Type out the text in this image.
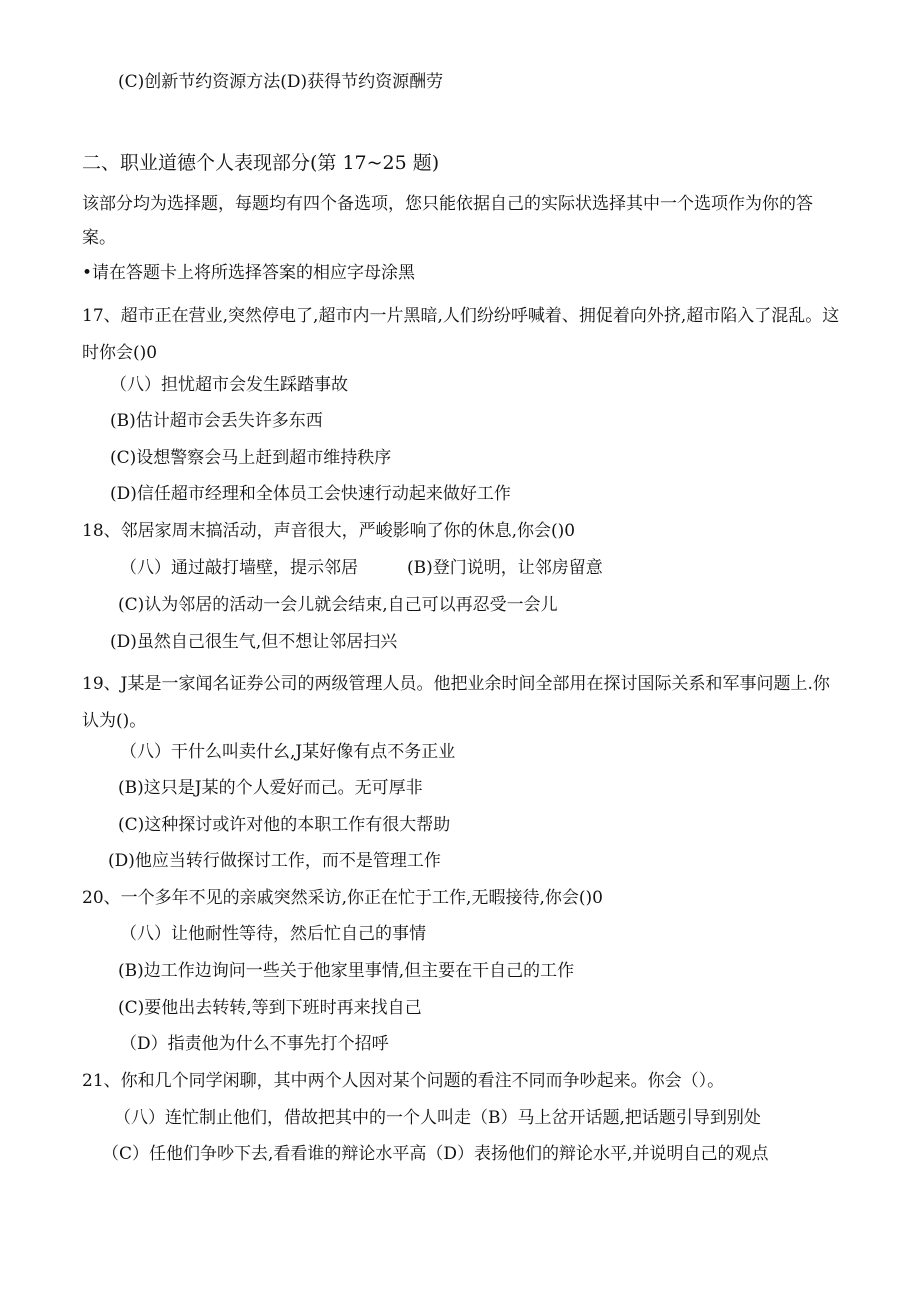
(C)创新节约资源方法(D)获得节约资源酬劳
二、职业道德个人表现部分(第 17~25 题)
该部分均为选择题，每题均有四个备选项，您只能依据自己的实际状选择其中一个选项作为你的答案。
•请在答题卡上将所选择答案的相应字母涂黑
17、超市正在营业,突然停电了,超市内一片黑暗,人们纷纷呼喊着、拥促着向外挤,超市陷入了混乱。这时你会()0
（八）担忧超市会发生踩踏事故
(B)估计超市会丢失许多东西
(C)设想警察会马上赶到超市维持秩序
(D)信任超市经理和全体员工会快速行动起来做好工作
18、邻居家周末搞活动，声音很大，严峻影响了你的休息,你会()0
（八）通过敲打墙壁，提示邻居	(B)登门说明，让邻房留意
(C)认为邻居的活动一会儿就会结束,自己可以再忍受一会儿
(D)虽然自己很生气,但不想让邻居扫兴
19、J某是一家闻名证券公司的两级管理人员。他把业余时间全部用在探讨国际关系和军事问题上.你认为()。
（八）干什么叫卖什幺,J某好像有点不务正业
(B)这只是J某的个人爱好而己。无可厚非
(C)这种探讨或许对他的本职工作有很大帮助
(D)他应当转行做探讨工作，而不是管理工作
20、一个多年不见的亲戚突然采访,你正在忙于工作,无暇接待,你会()0
（八）让他耐性等待，然后忙自己的事情
(B)边工作边询问一些关于他家里事情,但主要在干自己的工作
(C)要他出去转转,等到下班时再来找自己
（D）指责他为什么不事先打个招呼
21、你和几个同学闲聊，其中两个人因对某个问题的看注不同而争吵起来。你会（）。
（八）连忙制止他们，借故把其中的一个人叫走（B）马上岔开话题,把话题引导到别处
（C）任他们争吵下去,看看谁的辩论水平高（D）表扬他们的辩论水平,并说明自己的观点
